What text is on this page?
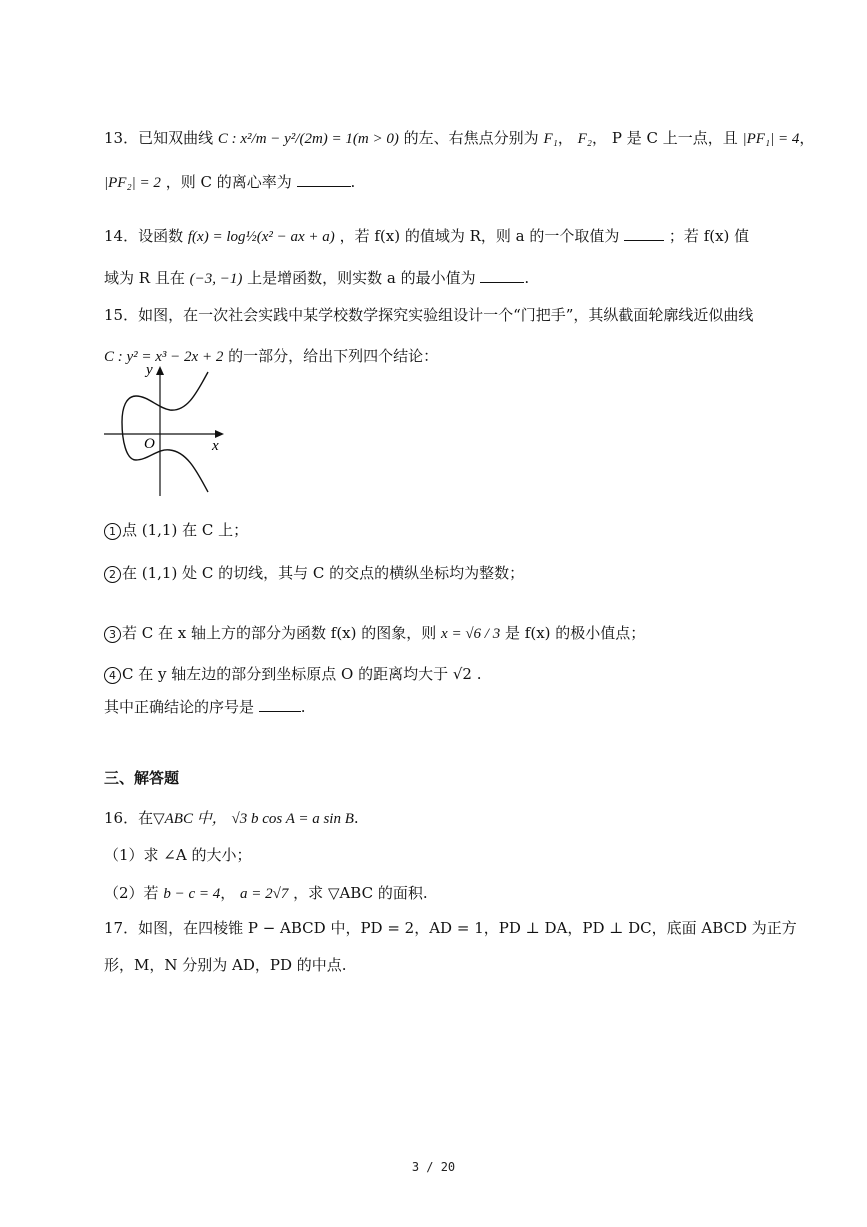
13．已知双曲线 C : x²/m − y²/(2m) = 1(m > 0) 的左、右焦点分别为 F₁， F₂， P 是 C 上一点，且 |PF₁| = 4，
|PF₂| = 2 ，则 C 的离心率为	.
14．设函数 f(x) = log½(x² − ax + a) ，若 f(x) 的值域为 R，则 a 的一个取值为	；若 f(x) 值
域为 R 且在 (−3, −1) 上是增函数，则实数 a 的最小值为	.
15．如图，在一次社会实践中某学校数学探究实验组设计一个“门把手”，其纵截面轮廓线近似曲线
C : y² = x³ − 2x + 2 的一部分，给出下列四个结论：
y
x
O
1 点 (1,1) 在 C 上；
2 在 (1,1) 处 C 的切线，其与 C 的交点的横纵坐标均为整数；
3 若 C 在 x 轴上方的部分为函数 f(x) 的图象，则 x = √6 / 3 是 f(x) 的极小值点；
4 C 在 y 轴左边的部分到坐标原点 O 的距离均大于 √2 .
其中正确结论的序号是	.
三、解答题
16．在▽ABC 中， √3 b cos A = a sin B.
（1）求 ∠A 的大小；
（2）若 b − c = 4， a = 2√7 ，求 ▽ABC 的面积.
17．如图，在四棱锥 P − ABCD 中，PD = 2，AD = 1，PD ⊥ DA，PD ⊥ DC，底面 ABCD 为正方
形，M，N 分别为 AD，PD 的中点.
3 / 20
